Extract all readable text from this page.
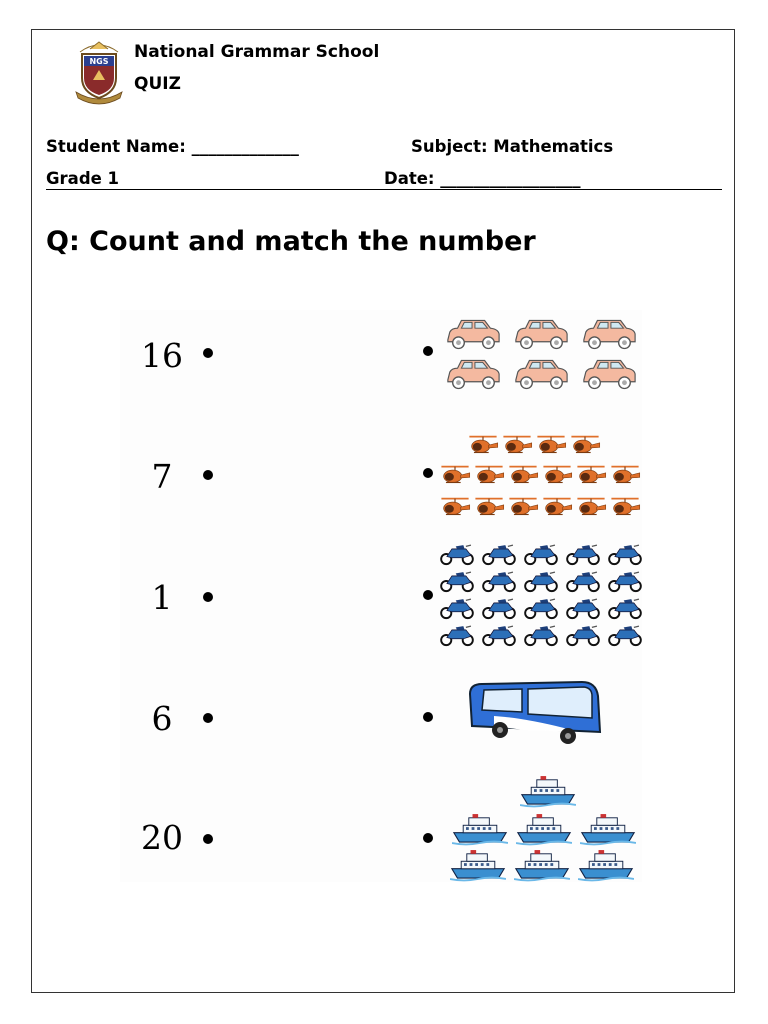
NGS National Grammar School
QUIZ
Student Name: _____________	Subject: Mathematics
Grade 1	Date: _________________
Q: Count and match the number
16
7
1
6
20
